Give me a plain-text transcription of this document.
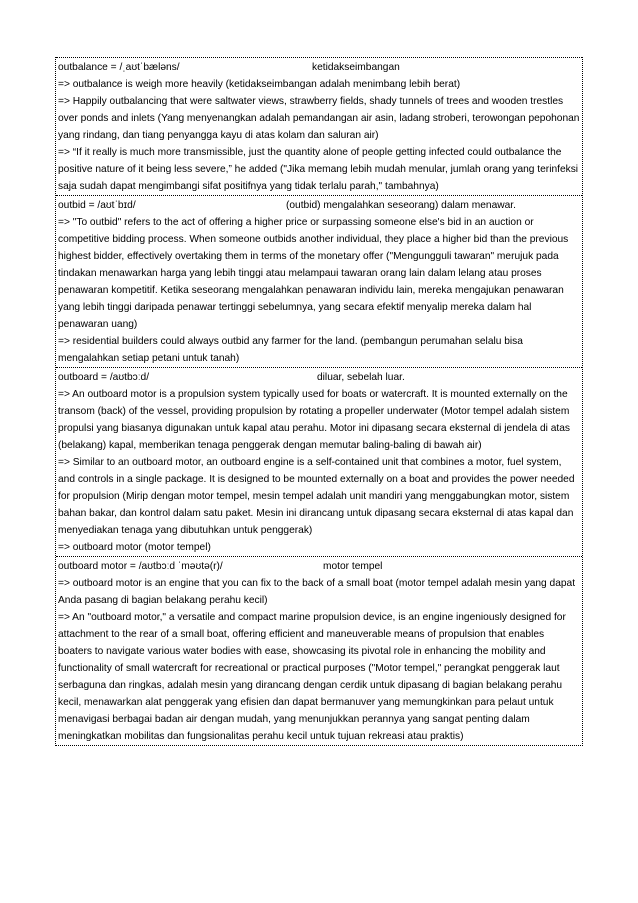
outbalance = /ˌaʊtˈbæləns/	ketidakseimbangan

=> outbalance is weigh more heavily (ketidakseimbangan adalah menimbang lebih berat)

=> Happily outbalancing that were saltwater views, strawberry fields, shady tunnels of trees and wooden trestles over ponds and inlets (Yang menyenangkan adalah pemandangan air asin, ladang stroberi, terowongan pepohonan yang rindang, dan tiang penyangga kayu di atas kolam dan saluran air)

=> “If it really is much more transmissible, just the quantity alone of people getting infected could outbalance the positive nature of it being less severe,” he added ("Jika memang lebih mudah menular, jumlah orang yang terinfeksi saja sudah dapat mengimbangi sifat positifnya yang tidak terlalu parah," tambahnya)

outbid = /aʊtˈbɪd/	(outbid) mengalahkan seseorang) dalam menawar.

=> "To outbid" refers to the act of offering a higher price or surpassing someone else's bid in an auction or competitive bidding process. When someone outbids another individual, they place a higher bid than the previous highest bidder, effectively overtaking them in terms of the monetary offer ("Mengungguli tawaran" merujuk pada tindakan menawarkan harga yang lebih tinggi atau melampaui tawaran orang lain dalam lelang atau proses penawaran kompetitif. Ketika seseorang mengalahkan penawaran individu lain, mereka mengajukan penawaran yang lebih tinggi daripada penawar tertinggi sebelumnya, yang secara efektif menyalip mereka dalam hal penawaran uang)

=> residential builders could always outbid any farmer for the land. (pembangun perumahan selalu bisa mengalahkan setiap petani untuk tanah)

outboard = /aʊtbɔːd/	diluar, sebelah luar.

=> An outboard motor is a propulsion system typically used for boats or watercraft. It is mounted externally on the transom (back) of the vessel, providing propulsion by rotating a propeller underwater (Motor tempel adalah sistem propulsi yang biasanya digunakan untuk kapal atau perahu. Motor ini dipasang secara eksternal di jendela di atas (belakang) kapal, memberikan tenaga penggerak dengan memutar baling-baling di bawah air)

=> Similar to an outboard motor, an outboard engine is a self-contained unit that combines a motor, fuel system, and controls in a single package. It is designed to be mounted externally on a boat and provides the power needed for propulsion (Mirip dengan motor tempel, mesin tempel adalah unit mandiri yang menggabungkan motor, sistem bahan bakar, dan kontrol dalam satu paket. Mesin ini dirancang untuk dipasang secara eksternal di atas kapal dan menyediakan tenaga yang dibutuhkan untuk penggerak)

=> outboard motor (motor tempel)

outboard motor = /aʊtbɔːd ˈməʊtə(r)/	motor tempel

=> outboard motor is an engine that you can fix to the back of a small boat (motor tempel adalah mesin yang dapat Anda pasang di bagian belakang perahu kecil)

=> An "outboard motor," a versatile and compact marine propulsion device, is an engine ingeniously designed for attachment to the rear of a small boat, offering efficient and maneuverable means of propulsion that enables boaters to navigate various water bodies with ease, showcasing its pivotal role in enhancing the mobility and functionality of small watercraft for recreational or practical purposes ("Motor tempel," perangkat penggerak laut serbaguna dan ringkas, adalah mesin yang dirancang dengan cerdik untuk dipasang di bagian belakang perahu kecil, menawarkan alat penggerak yang efisien dan dapat bermanuver yang memungkinkan para pelaut untuk menavigasi berbagai badan air dengan mudah, yang menunjukkan perannya yang sangat penting dalam meningkatkan mobilitas dan fungsionalitas perahu kecil untuk tujuan rekreasi atau praktis)
